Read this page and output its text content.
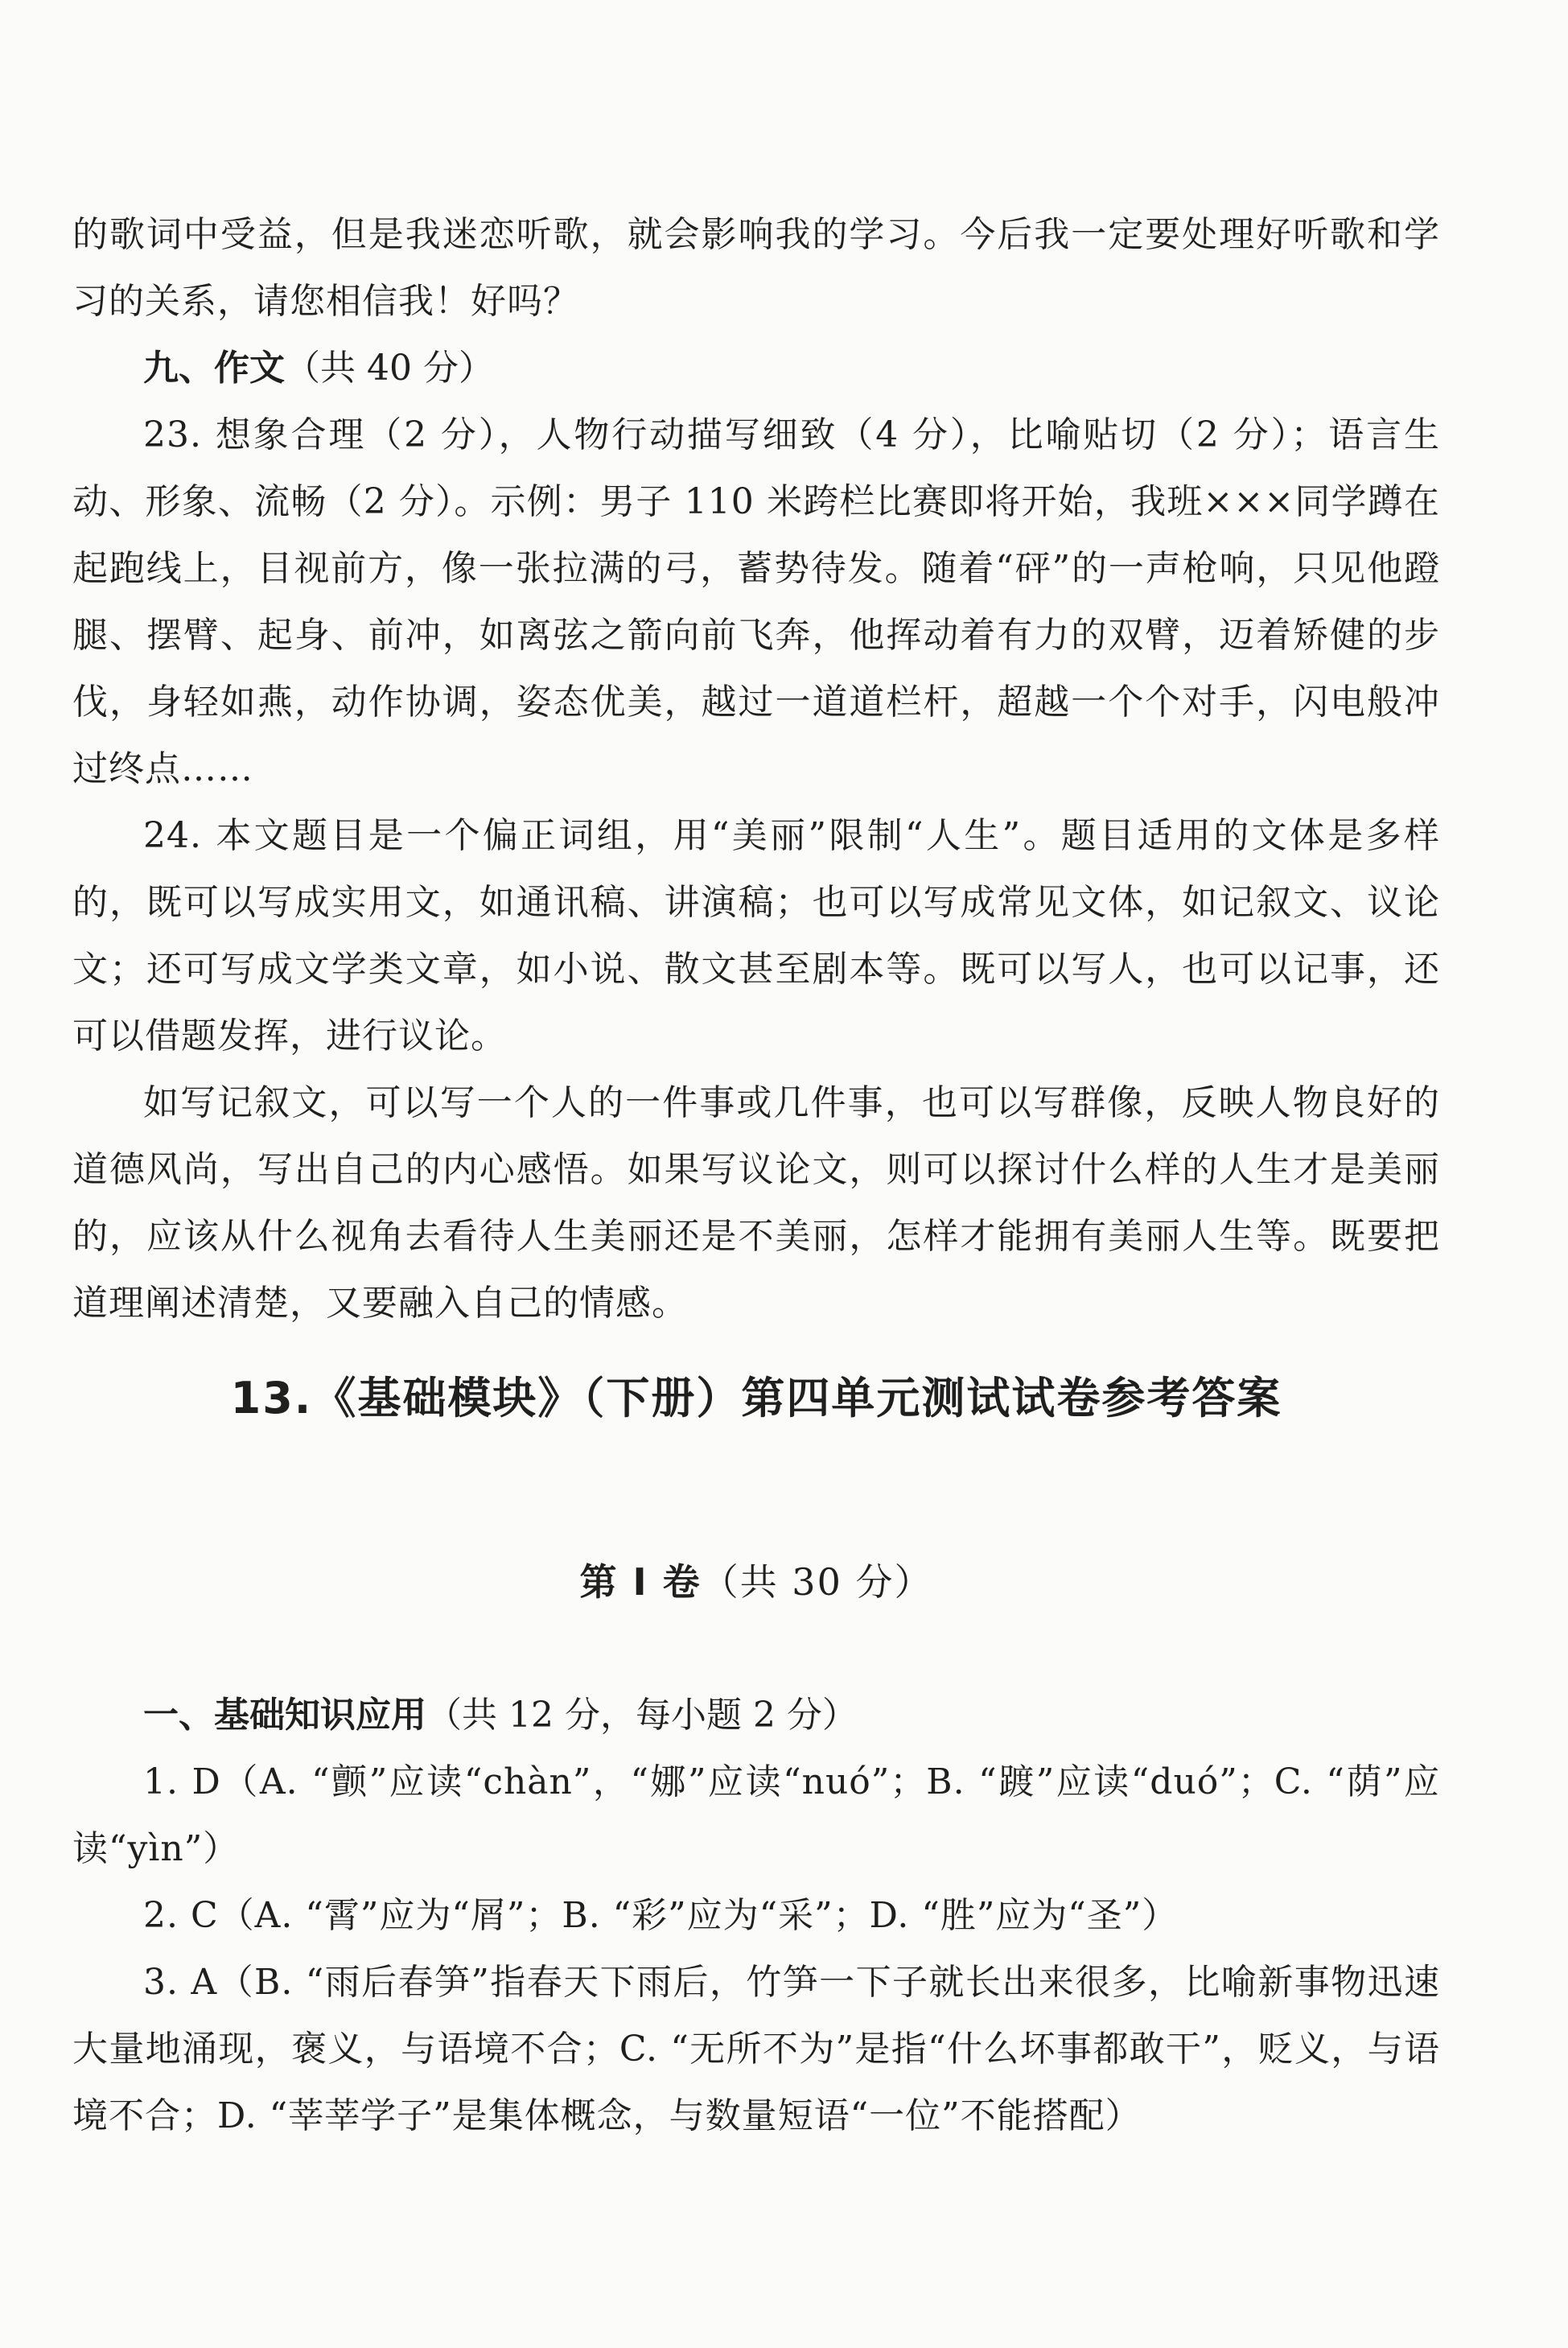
的歌词中受益，但是我迷恋听歌，就会影响我的学习。今后我一定要处理好听歌和学习的关系，请您相信我！好吗？

九、作文（共 40 分）

23. 想象合理（2 分），人物行动描写细致（4 分），比喻贴切（2 分）；语言生动、形象、流畅（2 分）。示例：男子 110 米跨栏比赛即将开始，我班×××同学蹲在起跑线上，目视前方，像一张拉满的弓，蓄势待发。随着“砰”的一声枪响，只见他蹬腿、摆臂、起身、前冲，如离弦之箭向前飞奔，他挥动着有力的双臂，迈着矫健的步伐，身轻如燕，动作协调，姿态优美，越过一道道栏杆，超越一个个对手，闪电般冲过终点……

24. 本文题目是一个偏正词组，用“美丽”限制“人生”。题目适用的文体是多样的，既可以写成实用文，如通讯稿、讲演稿；也可以写成常见文体，如记叙文、议论文；还可写成文学类文章，如小说、散文甚至剧本等。既可以写人，也可以记事，还可以借题发挥，进行议论。

如写记叙文，可以写一个人的一件事或几件事，也可以写群像，反映人物良好的道德风尚，写出自己的内心感悟。如果写议论文，则可以探讨什么样的人生才是美丽的，应该从什么视角去看待人生美丽还是不美丽，怎样才能拥有美丽人生等。既要把道理阐述清楚，又要融入自己的情感。

13.《基础模块》（下册）第四单元测试试卷参考答案
第 Ⅰ 卷（共 30 分）
一、基础知识应用（共 12 分，每小题 2 分）

1. D（A. “颤”应读“chàn”，“娜”应读“nuó”；B. “踱”应读“duó”；C. “荫”应读“yìn”）

2. C（A. “霄”应为“屑”；B. “彩”应为“采”；D. “胜”应为“圣”）

3. A（B. “雨后春笋”指春天下雨后，竹笋一下子就长出来很多，比喻新事物迅速大量地涌现，褒义，与语境不合；C. “无所不为”是指“什么坏事都敢干”，贬义，与语境不合；D. “莘莘学子”是集体概念，与数量短语“一位”不能搭配）
